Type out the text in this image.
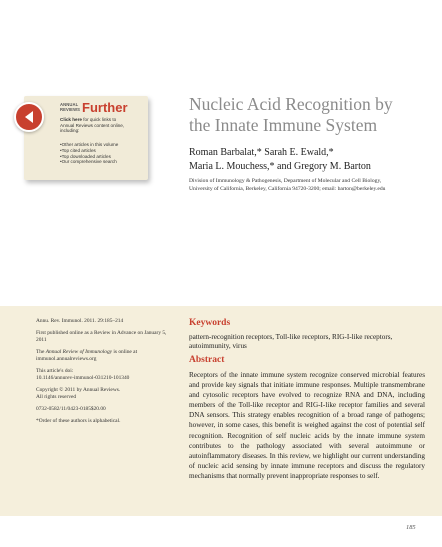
ANNUAL
REVIEWS Further
Click here for quick links to
Annual Reviews content online,
including:
• Other articles in this volume
• Top cited articles
• Top downloaded articles
• Our comprehensive search
Nucleic Acid Recognition by
the Innate Immune System
Roman Barbalat,* Sarah E. Ewald,*
Maria L. Mouchess,* and Gregory M. Barton
Division of Immunology & Pathogenesis, Department of Molecular and Cell Biology,
University of California, Berkeley, California 94720-3200; email: barton@berkeley.edu

Annu. Rev. Immunol. 2011. 29:185–214

First published online as a Review in Advance on January 5, 2011

The Annual Review of Immunology is online at immunol.annualreviews.org

This article's doi:
10.1146/annurev-immunol-031210-101340

Copyright © 2011 by Annual Reviews.

All rights reserved

0732-0582/11/0423-0185$20.00

*Order of these authors is alphabetical.

Keywords

pattern-recognition receptors, Toll-like receptors, RIG-I-like receptors, autoimmunity, virus

Abstract

Receptors of the innate immune system recognize conserved microbial features and provide key signals that initiate immune responses. Multiple transmembrane and cytosolic receptors have evolved to recognize RNA and DNA, including members of the Toll-like receptor and RIG-I-like receptor families and several DNA sensors. This strategy enables recognition of a broad range of pathogens; however, in some cases, this benefit is weighed against the cost of potential self recognition. Recognition of self nucleic acids by the innate immune system contributes to the pathology associated with several autoimmune or autoinflammatory diseases. In this review, we highlight our current understanding of nucleic acid sensing by innate immune receptors and discuss the regulatory mechanisms that normally prevent inappropriate responses to self.

185
